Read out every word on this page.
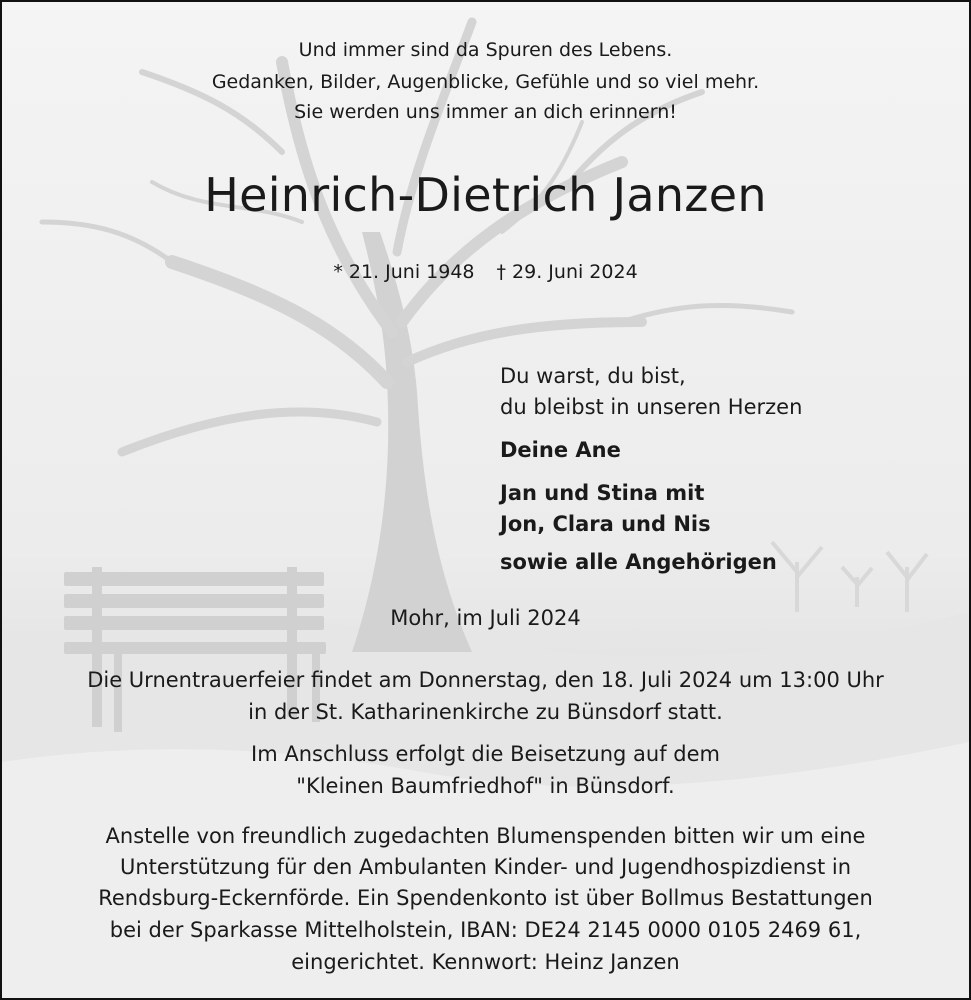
Und immer sind da Spuren des Lebens.
Gedanken, Bilder, Augenblicke, Gefühle und so viel mehr.
Sie werden uns immer an dich erinnern!
Heinrich-Dietrich Janzen
* 21. Juni 1948 † 29. Juni 2024
Du warst, du bist,
du bleibst in unseren Herzen
Deine Ane
Jan und Stina mit
Jon, Clara und Nis
sowie alle Angehörigen
Mohr, im Juli 2024
Die Urnentrauerfeier findet am Donnerstag, den 18. Juli 2024 um 13:00 Uhr
in der St. Katharinenkirche zu Bünsdorf statt.
Im Anschluss erfolgt die Beisetzung auf dem
"Kleinen Baumfriedhof" in Bünsdorf.
Anstelle von freundlich zugedachten Blumenspenden bitten wir um eine
Unterstützung für den Ambulanten Kinder- und Jugendhospizdienst in
Rendsburg-Eckernförde. Ein Spendenkonto ist über Bollmus Bestattungen
bei der Sparkasse Mittelholstein, IBAN: DE24 2145 0000 0105 2469 61,
eingerichtet. Kennwort: Heinz Janzen
